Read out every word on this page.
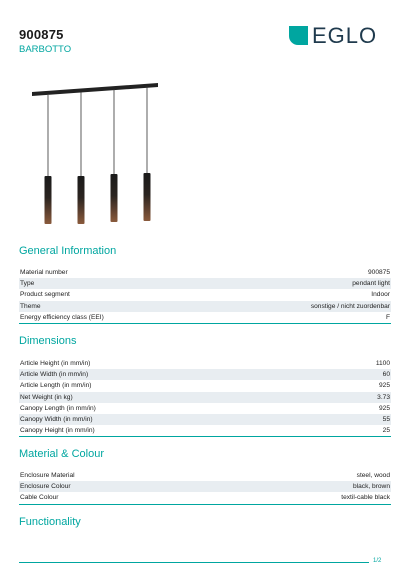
900875
BARBOTTO
EGLO
General Information
Material number	900875
Type	pendant light
Product segment	Indoor
Theme	sonstige / nicht zuordenbar
Energy efficiency class (EEI)	F
Dimensions
Article Height (in mm/in)	1100
Article Width (in mm/in)	60
Article Length (in mm/in)	925
Net Weight (in kg)	3.73
Canopy Length (in mm/in)	925
Canopy Width (in mm/in)	55
Canopy Height (in mm/in)	25
Material & Colour
Enclosure Material	steel, wood
Enclosure Colour	black, brown
Cable Colour	textil-cable black
Functionality
1/2
